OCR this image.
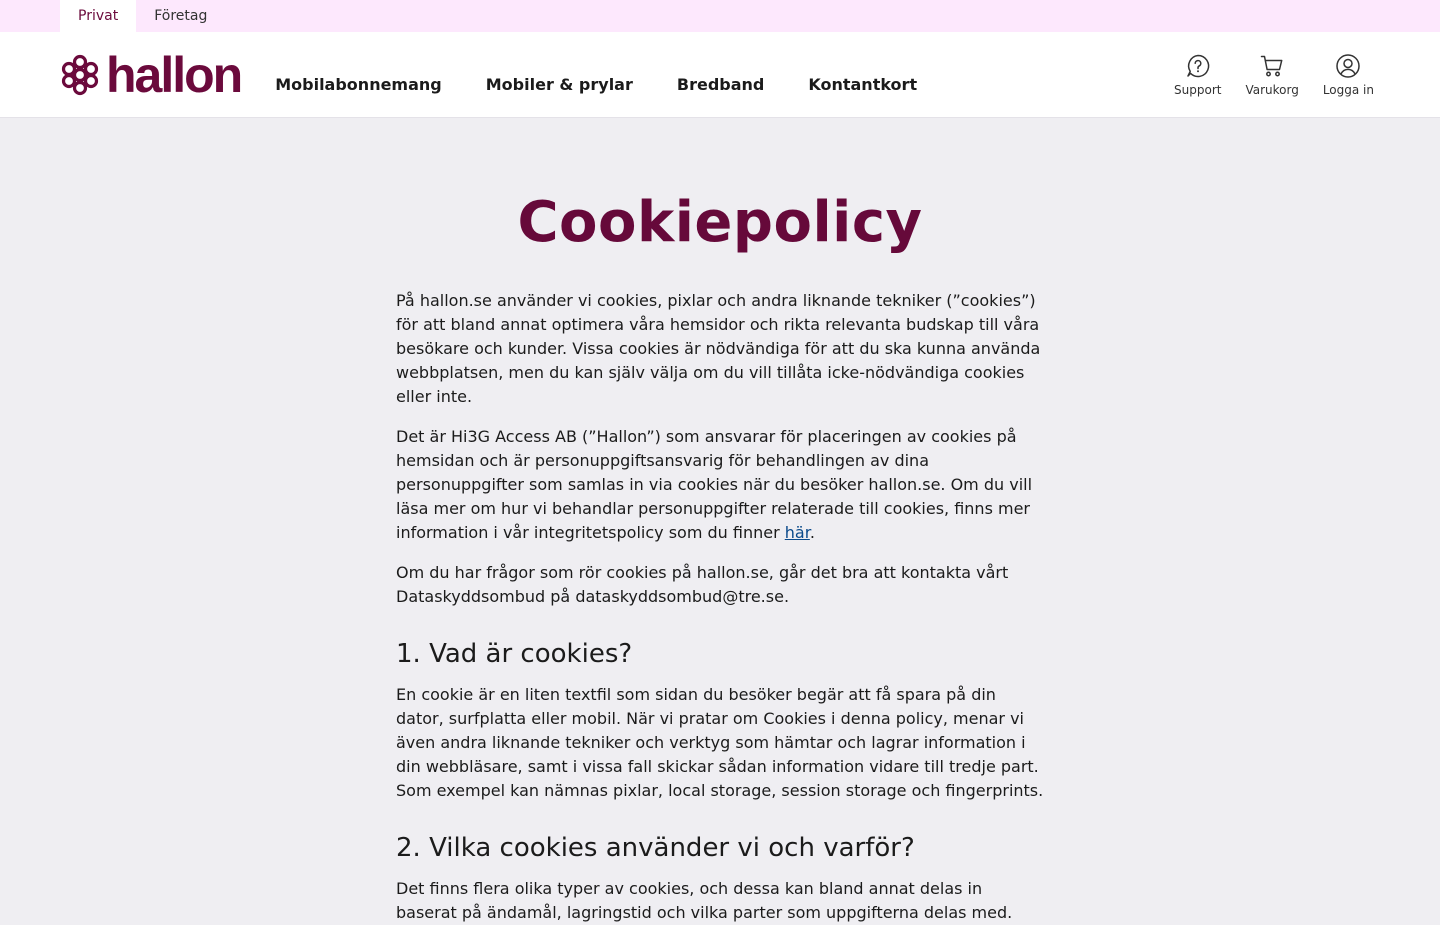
Privat	Företag
hallon Mobilabonnemang	Mobiler & prylar	Bredband	Kontantkort	Support Varukorg Logga in
Cookiepolicy

På hallon.se använder vi cookies, pixlar och andra liknande tekniker (”cookies”) för att bland annat optimera våra hemsidor och rikta relevanta budskap till våra besökare och kunder. Vissa cookies är nödvändiga för att du ska kunna använda webbplatsen, men du kan själv välja om du vill tillåta icke-nödvändiga cookies eller inte.

Det är Hi3G Access AB (”Hallon”) som ansvarar för placeringen av cookies på hemsidan och är personuppgiftsansvarig för behandlingen av dina personuppgifter som samlas in via cookies när du besöker hallon.se. Om du vill läsa mer om hur vi behandlar personuppgifter relaterade till cookies, finns mer information i vår integritetspolicy som du finner här.

Om du har frågor som rör cookies på hallon.se, går det bra att kontakta vårt Dataskyddsombud på dataskyddsombud@tre.se.

1. Vad är cookies?

En cookie är en liten textfil som sidan du besöker begär att få spara på din dator, surfplatta eller mobil. När vi pratar om Cookies i denna policy, menar vi även andra liknande tekniker och verktyg som hämtar och lagrar information i din webbläsare, samt i vissa fall skickar sådan information vidare till tredje part. Som exempel kan nämnas pixlar, local storage, session storage och fingerprints.

2. Vilka cookies använder vi och varför?

Det finns flera olika typer av cookies, och dessa kan bland annat delas in baserat på ändamål, lagringstid och vilka parter som uppgifterna delas med.
